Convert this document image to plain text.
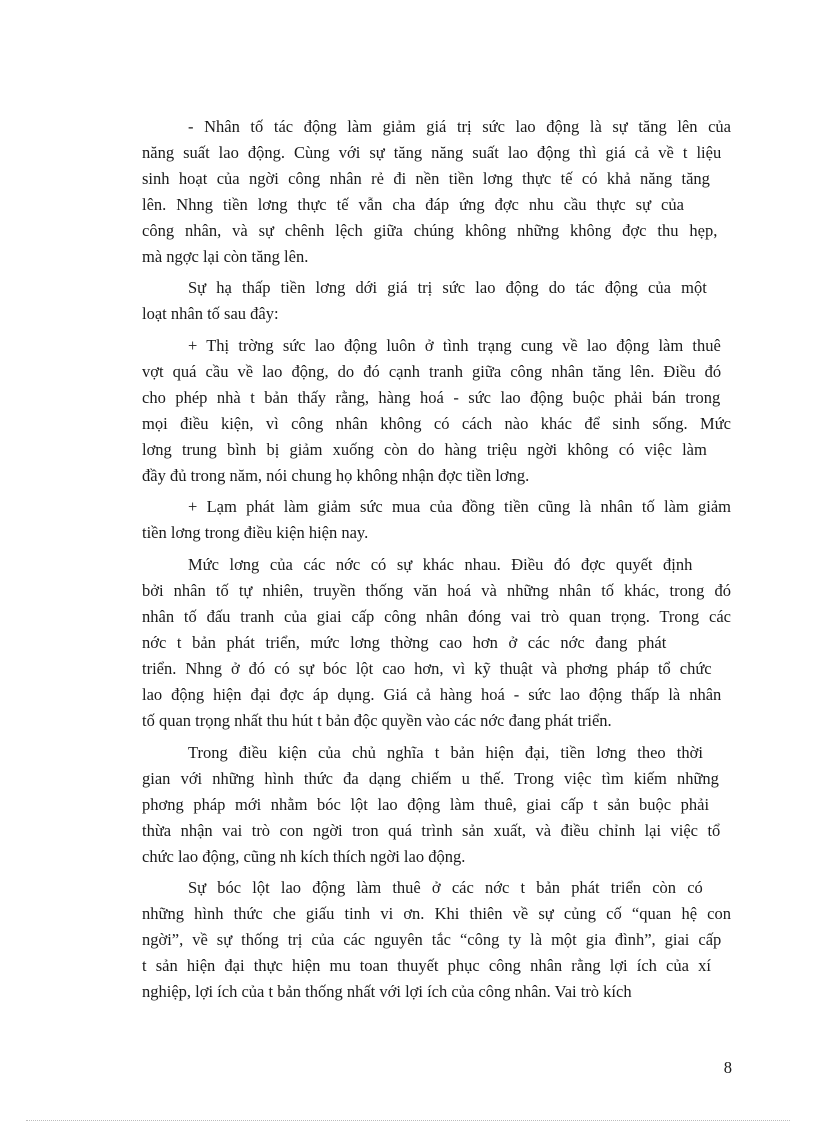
- Nhân tố tác động làm giảm giá trị sức lao động là sự tăng lên của
năng suất lao động. Cùng với sự tăng năng suất lao động thì giá cả về t liệu
sinh hoạt của ngời công nhân rẻ đi nền tiền lơng thực tế có khả năng tăng
lên. Nhng tiền lơng thực tế vẫn cha đáp ứng đợc nhu cầu thực sự của
công nhân, và sự chênh lệch giữa chúng không những không đợc thu hẹp,
mà ngợc lại còn tăng lên.
Sự hạ thấp tiền lơng dới giá trị sức lao động do tác động của một
loạt nhân tố sau đây:
+ Thị trờng sức lao động luôn ở tình trạng cung về lao động làm thuê
vợt quá cầu về lao động, do đó cạnh tranh giữa công nhân tăng lên. Điều đó
cho phép nhà t bản thấy rằng, hàng hoá - sức lao động buộc phải bán trong
mọi điều kiện, vì công nhân không có cách nào khác để sinh sống. Mức
lơng trung bình bị giảm xuống còn do hàng triệu ngời không có việc làm
đầy đủ trong năm, nói chung họ không nhận đợc tiền lơng.
+ Lạm phát làm giảm sức mua của đồng tiền cũng là nhân tố làm giảm
tiền lơng trong điều kiện hiện nay.
Mức lơng của các nớc có sự khác nhau. Điều đó đợc quyết định
bởi nhân tố tự nhiên, truyền thống văn hoá và những nhân tố khác, trong đó
nhân tố đấu tranh của giai cấp công nhân đóng vai trò quan trọng. Trong các
nớc t bản phát triển, mức lơng thờng cao hơn ở các nớc đang phát
triển. Nhng ở đó có sự bóc lột cao hơn, vì kỹ thuật và phơng pháp tổ chức
lao động hiện đại đợc áp dụng. Giá cả hàng hoá - sức lao động thấp là nhân
tố quan trọng nhất thu hút t bản độc quyền vào các nớc đang phát triển.
Trong điều kiện của chủ nghĩa t bản hiện đại, tiền lơng theo thời
gian với những hình thức đa dạng chiếm u thế. Trong việc tìm kiếm những
phơng pháp mới nhằm bóc lột lao động làm thuê, giai cấp t sản buộc phải
thừa nhận vai trò con ngời tron quá trình sản xuất, và điều chỉnh lại việc tổ
chức lao động, cũng nh kích thích ngời lao động.
Sự bóc lột lao động làm thuê ở các nớc t bản phát triển còn có
những hình thức che giấu tinh vi ơn. Khi thiên về sự củng cố “quan hệ con
ngời”, về sự thống trị của các nguyên tắc “công ty là một gia đình”, giai cấp
t sản hiện đại thực hiện mu toan thuyết phục công nhân rằng lợi ích của xí
nghiệp, lợi ích của t bản thống nhất với lợi ích của công nhân. Vai trò kích
8
